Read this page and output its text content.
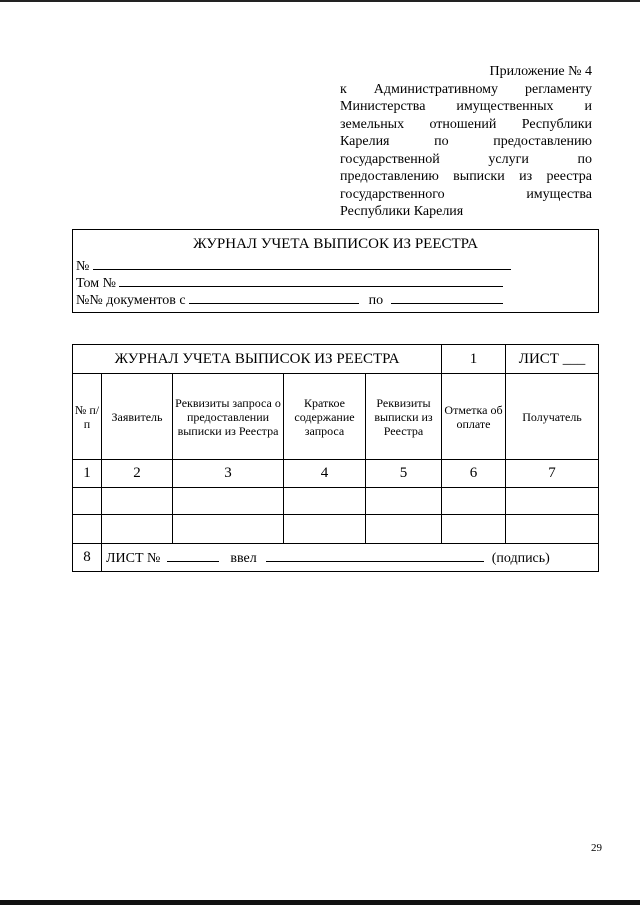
Приложение № 4
к Административному регламенту
Министерства имущественных и
земельных отношений Республики
Карелия по предоставлению
государственной услуги по
предоставлению выписки из реестра
государственного имущества
Республики Карелия
ЖУРНАЛ УЧЕТА ВЫПИСОК ИЗ РЕЕСТРА
№
Том №
№№ документов с	по
ЖУРНАЛ УЧЕТА ВЫПИСОК ИЗ РЕЕСТРА					1	ЛИСТ ___
№ п/п	Заявитель	Реквизиты запроса о предоставлении выписки из Реестра	Краткое содержание запроса	Реквизиты выписки из Реестра	Отметка об оплате	Получатель
1	2	3	4	5	6	7

8	ЛИСТ № ввел (подпись)					
29
